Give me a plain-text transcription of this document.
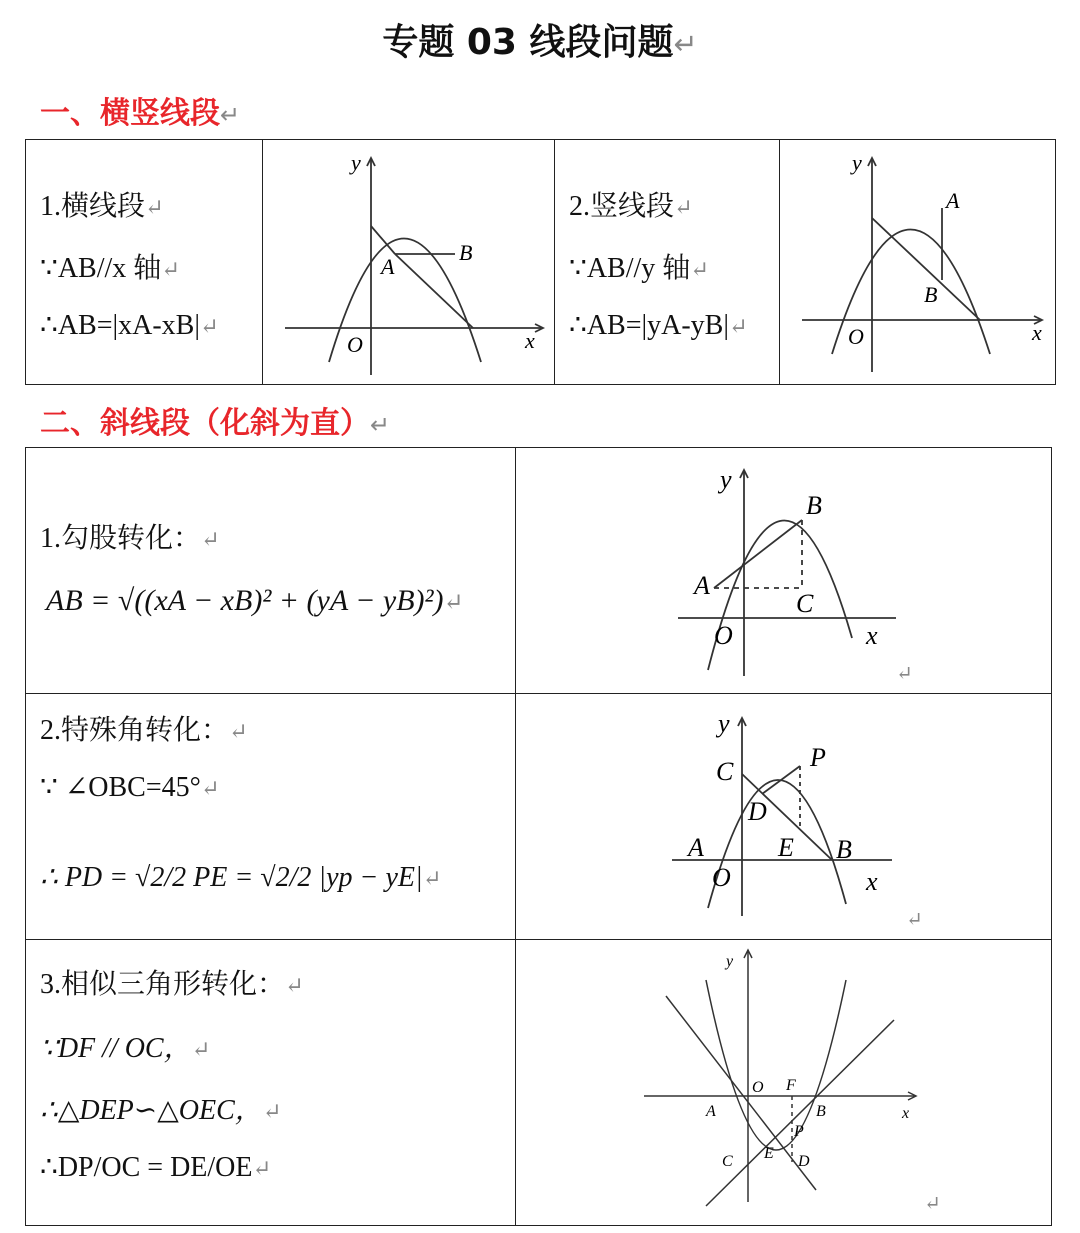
专题 03 线段问题↵
一、横竖线段↵
1.横线段↵
∵AB//x 轴↵
∴AB=|xA-xB|↵
y
x
O
A
B
2.竖线段↵
∵AB//y 轴↵
∴AB=|yA-yB|↵
y
x
O
A
B
二、斜线段（化斜为直）↵
1.勾股转化：↵
AB = √((xA − xB)² + (yA − yB)²)↵
y
x
O
A
B
C
↵
2.特殊角转化：↵
∵ ∠OBC=45°↵
∴ PD = √2/2 PE = √2/2 |yp − yE|↵
y
x
O
A	B
C
D
E
P
↵
3.相似三角形转化：↵
∵DF // OC，↵
∴△DEP∽△OEC，↵
∴DP/OC = DE/OE↵
y
x
O
A	B
C	D
E
F
P
↵
